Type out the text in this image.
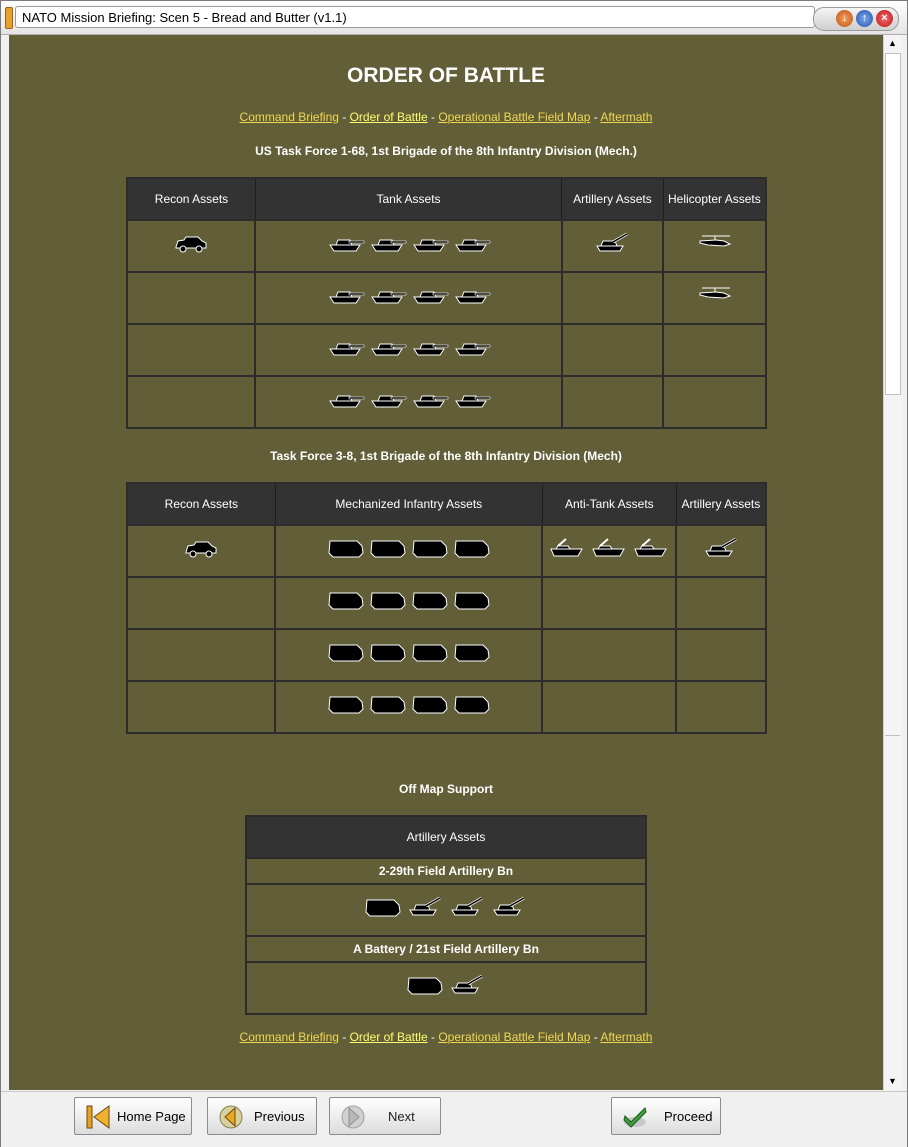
NATO Mission Briefing: Scen 5 - Bread and Butter (v1.1)	↓	↑	×
ORDER OF BATTLE
Command Briefing - Order of Battle - Operational Battle Field Map - Aftermath
US Task Force 1-68, 1st Brigade of the 8th Infantry Division (Mech.)
Recon Assets	Tank Assets	Artillery Assets	Helicopter Assets

Task Force 3-8, 1st Brigade of the 8th Infantry Division (Mech)
Recon Assets	Mechanized Infantry Assets	Anti-Tank Assets	Artillery Assets

Off Map Support
Artillery Assets
2-29th Field Artillery Bn

A Battery / 21st Field Artillery Bn

Command Briefing - Order of Battle - Operational Battle Field Map - Aftermath
▲
▼
Home Page	Previous	Next	Proceed
